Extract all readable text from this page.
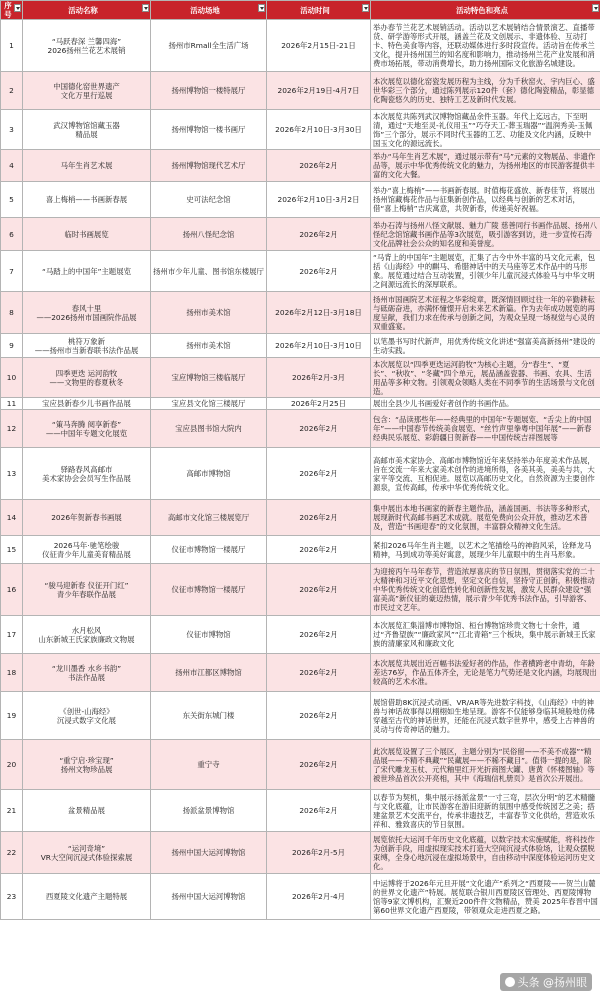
序号	活动名称	活动场地	活动时间	活动特色和亮点

1	“马跃春深 兰馨四海”
2026扬州兰花艺术展销	扬州市Rmall全生活广场	2026年2月15日-21日	举办春节兰花艺术展销活动。活动以艺术展销结合情景演艺、直播带货、研学游等形式开展，涵盖兰花及文创展示、非遗体验、互动打卡、特色美食等内容，还联动媒体进行多时段宣传。活动旨在传承兰文化，提升扬州国兰的知名度和影响力，推动扬州兰花产业发展和消费市场拓展，带动消费增长，助力扬州国际文化旅游名城建设。
2	中国德化窑世界遗产
文化万里行巡展	扬州博物馆一楼特展厅	2026年2月19日-4月7日	本次展览以德化窑瓷发展历程为主线，分为千秋窑火、宇内巨心、盛世华彩三个部分，通过陈列展示120件（套）德化陶瓷精品，彰显德化陶瓷悠久的历史、独特工艺及新时代发展。
3	武汉博物馆馆藏玉器
精品展	扬州博物馆一楼书画厅	2026年2月10日-3月30日	本次展览共陈列武汉博物馆藏品余件玉器。年代上迄远古，下至明清，通过“天地至灵-礼仪用玉”“巧夺天工-葬玉瑞器”“温润秀美-玉佩饰”三个部分，展示不同时代玉器的工艺、功能及文化内涵，反映中国玉文化的源远流长。
4	马年生肖艺术展	扬州博物馆现代艺术厅	2026年2月	举办“马年生肖艺术展”，通过展示带有“马”元素的文物展品、非遗作品等，展示中华优秀传统文化的魅力，为扬州地区的市民游客提供丰富的文化大餐。
5	喜上梅梢——书画新春展	史可法纪念馆	2026年2月10日-3月2日	举办“喜上梅梢”——书画新春展。时值梅花盛放、新春佳节，将展出扬州馆藏梅花作品与征集新创作品，以经典与创新的艺术对话，借“喜上梅梢”吉庆寓意，共贺新春，传递美好祝福。
6	临时书画展览	扬州八怪纪念馆	2026年2月	举办石涛与扬州八怪文献展、魅力广陵 慈善同行书画作品展、扬州八怪纪念馆馆藏书画作品等3次展览，吸引游客到访，进一步宣传石涛文化品牌社会公众的知名度和美誉度。
7	“马踏上的中国年”主题展览	扬州市少年儿童、图书馆东楼展厅	2026年2月	“马背上的中国年”主题展览，汇集了古今中外丰富的马文化元素，包括《山海经》中的麒马、希腊神话中的天马座等艺术作品中的马形象。展览通过结合互动装置，引领少年儿童沉浸式体验马与中华文明之间源远流长的深厚联系。
8	春风十里
——2026扬州市国画院作品展	扬州市美术馆	2026年2月12日-3月18日	扬州市国画院艺术征程之华彩绽章，既深情回顾过往一年的辛勤耕耘与砥砺奋进，亦满怀憧憬开启未来艺术新篇。作为去年成功展览的再度呈献，我们力求在传承与创新之间，为观众呈现一场视觉与心灵的双重盛宴。
9	桃符万象新
——扬州市当新春联书法作品展	扬州市美术馆	2026年2月10日-3月10日	以笔墨书写时代新声，用优秀传统文化讲述“强富美高新扬州”建设的生动实践。
10	四季更迭 运河韵牧
——文物里的春夏秋冬	宝应博物馆三楼临展厅	2026年2月-3月	本次展览以“四季更迭运河韵牧”为核心主题，分“春生”、“夏长”、“秋收”、“冬藏”四个单元，展品涵盖瓷器、书画、农具、生活用品等多种文物。引领观众领略人类在不同季节的生活场景与文化创造。
11	宝应县新春少儿书画作品展	宝应县文化馆三楼展厅	2026年2月25日	展出全县少儿书画爱好者创作的书画作品。
12	“策马奔腾 阅享新春”
——中国年专题文化展览	宝应县图书馆大院内	2026年2月	包含：“品读那些年——经典里的中国年”专题展览、“舌尖上的中国年”——中国春节传统美食展览、“丝竹声里拳粤中国年展”——新春经典民乐展览、彩蔚疆日贺新春——中国传统吉祥图展等
13	驿路春风高邮市
美术家协会会员写生作品展	高邮市博物馆	2026年2月	高邮市美术家协会、高邮市博物馆近年来坚持举办年度美术作品展，旨在交流一年来大家美术创作的进境所得，各美其美，美美与共，大家平等交流、互相促进。展览以高邮历史文化，自然资源为主要创作源泉，宣传高邮，传承中华优秀传统文化。
14	2026年贺新春书画展	高邮市文化馆三楼展览厅	2026年2月	集中展出本地书画家的新春主题作品，涵盖国画、书法等多种形式，展现新时代高邮书画艺术成就。展览免费向公众开放，推动艺术普及，营造“书画迎春”的文化氛围，丰富群众精神文化生活。
15	2026马年·驰笔绘骏
仪征青少年儿童美育精品展	仪征市博物馆一楼展厅	2026年2月	紧扣2026马年生肖主题，以艺术之笔描绘马的神韵风采，诠释龙马精神，马到成功等美好寓意，展现少年儿童眼中的生肖马形象。
16	“骏马迎新春 仪征开门红”
青少年春联作品展	仪征市博物馆一楼展厅	2026年2月	为迎接丙午马年春节，营造浓厚喜庆的节日氛围，贯彻落实党的二十大精神和习近平文化思想，坚定文化自信，坚持守正创新，积极推动中华优秀传统文化创造性转化和创新性发展，激发人民群众建设“强富美高”新仪征的豪迈热情，展示青少年优秀书法作品，引导游客、市民过文艺年。
17	水月松风
山东新城王氏家族廉政文物展	仪征市博物馆	2026年2月	本次展览汇集淄博市博物馆、桓台博物馆珍贵文物七十余件，通过“齐鲁望族”“廉政家风”“江北青箱”三个板块，集中展示新城王氏家族的清廉家风和廉政文化
18	“龙川墨香 水乡书韵”
书法作品展	扬州市江都区博物馆	2026年2月	本次展览共展出近百幅书法爱好者的作品，作者横跨老中青幼，年龄差达76岁，作品五体齐全，无论是笔力气势还是文化内涵，均展现出较高的艺术水准。
19	《创世-山海经》
沉浸式数字文化展	东关街东城门楼	2026年2月	展馆借助8K沉浸式动画、VR/AR等先进数字科技，《山海经》中的神兽与神话故事得以栩栩如生地呈现。游客不仅能够身临其境般地仿佛穿越至古代的神话世界，还能在沉浸式数字世界中，感受上古神兽的灵动与传奇神话的魅力。
20	“重宁启·珍宝现”
扬州文物珍品展	重宁寺	2026年2月	此次展览设置了三个展区，主题分别为“民俗留——不美不成器”“精品展——不精不典藏”“民藏展——不稀不藏目”。值得一提的是，除了宋代雕龙玉杖、元代釉里红开光折商图大罐、唐黄《怀楼图轴》等被世珍品首次公开亮相，其中《海瑞信札册页》是首次公开展出。
21	盆景精品展	扬派盆景博物馆	2026年2月	以春节为契机，集中展示扬派盆景“一寸三弯，层次分明”的艺术精髓与文化底蕴，让市民游客在游旧迎新的氛围中感受传统园艺之美；搭建盆景艺术交流平台，传承非遗技艺，丰富春节文化供给，营造欢乐祥和、雅致喜庆的节日氛围。
22	“运河奇境”
VR大空间沉浸式体验探索展	扬州中国大运河博物馆	2026年2月-5月	展览依托大运河千年历史文化底蕴，以数字技术实施赋能，将科技作为创新手段，用虚拟现实技术打造大空间沉浸式体验场，让观众摆脱束缚，全身心地沉浸在虚拟场景中，自由移动中深度体验运河历史文化。
23	西夏陵文化遗产主题特展	扬州中国大运河博物馆	2026年2月-4月	中运博将于2026年元旦开展“文化遗产”系列之“西夏陵——贺兰山麓的世界文化遗产”特展。展览联合银川西夏陵区管理处、西夏陵博物馆等9家文博机构，汇聚近200件件文物精品，赞美 2025年春晋中国第60世界文化遗产西夏陵，带领观众走进西夏之路。
头条 @扬州眼
